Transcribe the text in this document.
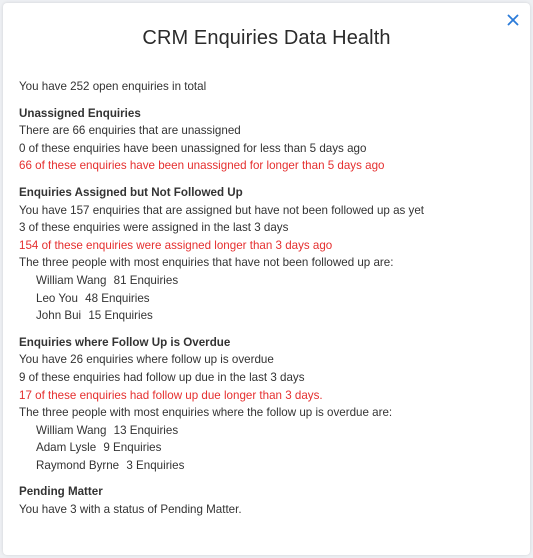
CRM Enquiries Data Health
You have 252 open enquiries in total
Unassigned Enquiries
There are 66 enquiries that are unassigned
0 of these enquiries have been unassigned for less than 5 days ago
66 of these enquiries have been unassigned for longer than 5 days ago
Enquiries Assigned but Not Followed Up
You have 157 enquiries that are assigned but have not been followed up as yet
3 of these enquiries were assigned in the last 3 days
154 of these enquiries were assigned longer than 3 days ago
The three people with most enquiries that have not been followed up are:
William Wang 81 Enquiries
Leo You 48 Enquiries
John Bui 15 Enquiries
Enquiries where Follow Up is Overdue
You have 26 enquiries where follow up is overdue
9 of these enquiries had follow up due in the last 3 days
17 of these enquiries had follow up due longer than 3 days.
The three people with most enquiries where the follow up is overdue are:
William Wang 13 Enquiries
Adam Lysle 9 Enquiries
Raymond Byrne 3 Enquiries
Pending Matter
You have 3 with a status of Pending Matter.
